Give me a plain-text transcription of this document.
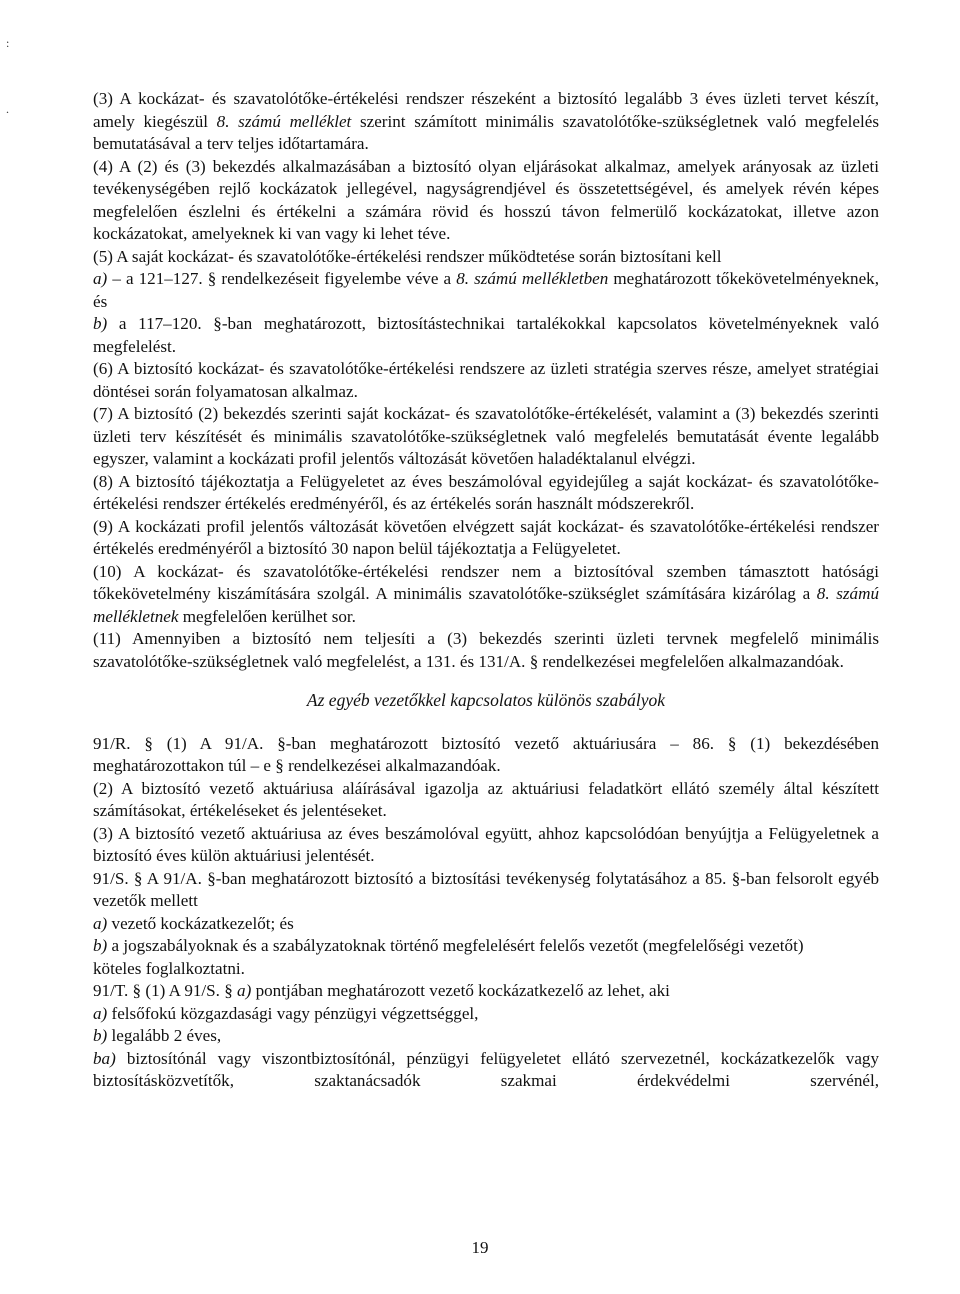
:
.

(3) A kockázat- és szavatolótőke-értékelési rendszer részeként a biztosító legalább 3 éves üzleti tervet készít, amely kiegészül 8. számú melléklet szerint számított minimális szavatolótőke-szükségletnek való megfelelés bemutatásával a terv teljes időtartamára.

(4) A (2) és (3) bekezdés alkalmazásában a biztosító olyan eljárásokat alkalmaz, amelyek arányosak az üzleti tevékenységében rejlő kockázatok jellegével, nagyságrendjével és összetettségével, és amelyek révén képes megfelelően észlelni és értékelni a számára rövid és hosszú távon felmerülő kockázatokat, illetve azon kockázatokat, amelyeknek ki van vagy ki lehet téve.

(5) A saját kockázat- és szavatolótőke-értékelési rendszer működtetése során biztosítani kell

a) – a 121–127. § rendelkezéseit figyelembe véve a 8. számú mellékletben meghatározott tőkekövetelményeknek, és

b) a 117–120. §-ban meghatározott, biztosítástechnikai tartalékokkal kapcsolatos követelményeknek való megfelelést.

(6) A biztosító kockázat- és szavatolótőke-értékelési rendszere az üzleti stratégia szerves része, amelyet stratégiai döntései során folyamatosan alkalmaz.

(7) A biztosító (2) bekezdés szerinti saját kockázat- és szavatolótőke-értékelését, valamint a (3) bekezdés szerinti üzleti terv készítését és minimális szavatolótőke-szükségletnek való megfelelés bemutatását évente legalább egyszer, valamint a kockázati profil jelentős változását követően haladéktalanul elvégzi.

(8) A biztosító tájékoztatja a Felügyeletet az éves beszámolóval egyidejűleg a saját kockázat- és szavatolótőke-értékelési rendszer értékelés eredményéről, és az értékelés során használt módszerekről.

(9) A kockázati profil jelentős változását követően elvégzett saját kockázat- és szavatolótőke-értékelési rendszer értékelés eredményéről a biztosító 30 napon belül tájékoztatja a Felügyeletet.

(10) A kockázat- és szavatolótőke-értékelési rendszer nem a biztosítóval szemben támasztott hatósági tőkekövetelmény kiszámítására szolgál. A minimális szavatolótőke-szükséglet számítására kizárólag a 8. számú mellékletnek megfelelően kerülhet sor.

(11) Amennyiben a biztosító nem teljesíti a (3) bekezdés szerinti üzleti tervnek megfelelő minimális szavatolótőke-szükségletnek való megfelelést, a 131. és 131/A. § rendelkezései megfelelően alkalmazandóak.

Az egyéb vezetőkkel kapcsolatos különös szabályok

91/R. § (1) A 91/A. §-ban meghatározott biztosító vezető aktuáriusára – 86. § (1) bekezdésében meghatározottakon túl – e § rendelkezései alkalmazandóak.

(2) A biztosító vezető aktuáriusa aláírásával igazolja az aktuáriusi feladatkört ellátó személy által készített számításokat, értékeléseket és jelentéseket.

(3) A biztosító vezető aktuáriusa az éves beszámolóval együtt, ahhoz kapcsolódóan benyújtja a Felügyeletnek a biztosító éves külön aktuáriusi jelentését.

91/S. § A 91/A. §-ban meghatározott biztosító a biztosítási tevékenység folytatásához a 85. §-ban felsorolt egyéb vezetők mellett

a) vezető kockázatkezelőt; és

b) a jogszabályoknak és a szabályzatoknak történő megfelelésért felelős vezetőt (megfelelőségi vezetőt)

köteles foglalkoztatni.

91/T. § (1) A 91/S. § a) pontjában meghatározott vezető kockázatkezelő az lehet, aki

a) felsőfokú közgazdasági vagy pénzügyi végzettséggel,

b) legalább 2 éves,

ba) biztosítónál vagy viszontbiztosítónál, pénzügyi felügyeletet ellátó szervezetnél, kockázatkezelők vagy biztosításközvetítők, szaktanácsadók szakmai érdekvédelmi szervénél,

19
